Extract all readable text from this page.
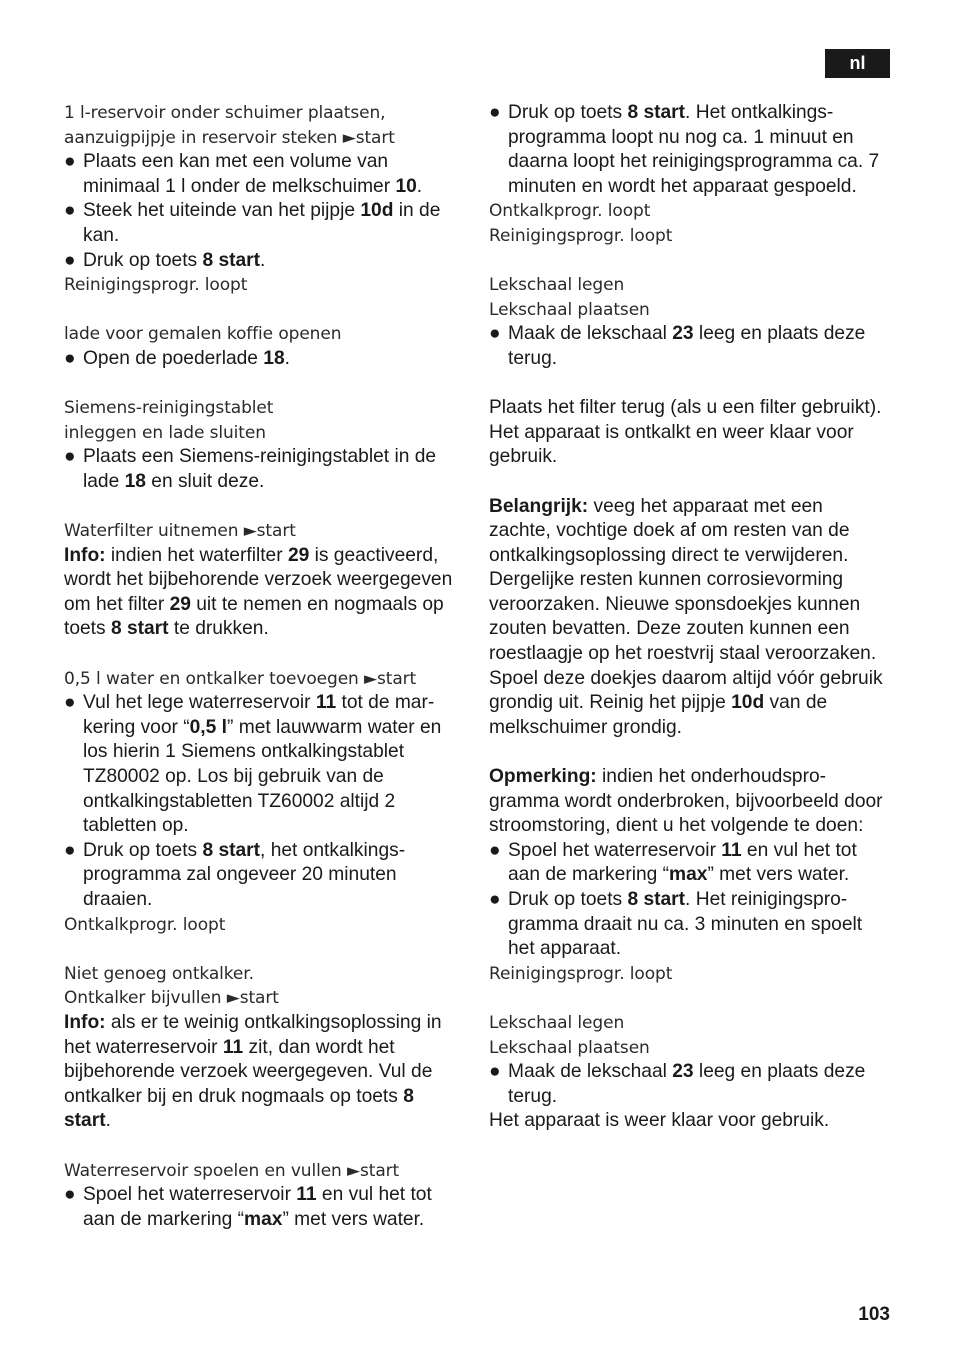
nl
1 l-reservoir onder schuimer plaatsen,
aanzuigpijpje in reservoir steken ►start
● Plaats een kan met een volume van minimaal 1 l onder de melkschuimer 10.
● Steek het uiteinde van het pijpje 10d in de kan.
● Druk op toets 8 start.
Reinigingsprogr. loopt
lade voor gemalen koffie openen
● Open de poederlade 18.
Siemens-reinigingstablet
inleggen en lade sluiten
● Plaats een Siemens-reinigingstablet in de lade 18 en sluit deze.
Waterfilter uitnemen ►start
Info: indien het waterfilter 29 is geactiveerd, wordt het bijbehorende verzoek weergegeven om het filter 29 uit te nemen en nogmaals op toets 8 start te drukken.
0,5 l water en ontkalker toevoegen ►start
● Vul het lege waterreservoir 11 tot de markering voor “0,5 l” met lauwwarm water en los hierin 1 Siemens ontkalkingstablet TZ80002 op. Los bij gebruik van de ontkalkingstabletten TZ60002 altijd 2 tabletten op.
● Druk op toets 8 start, het ontkalkingsprogramma zal ongeveer 20 minuten draaien.
Ontkalkprogr. loopt
Niet genoeg ontkalker.
Ontkalker bijvullen ►start
Info: als er te weinig ontkalkingsoplossing in het waterreservoir 11 zit, dan wordt het bijbehorende verzoek weergegeven. Vul de ontkalker bij en druk nogmaals op toets 8 start.
Waterreservoir spoelen en vullen ►start
● Spoel het waterreservoir 11 en vul het tot aan de markering “max” met vers water.
● Druk op toets 8 start. Het ontkalkingsprogramma loopt nu nog ca. 1 minuut en daarna loopt het reinigingsprogramma ca. 7 minuten en wordt het apparaat gespoeld.
Ontkalkprogr. loopt
Reinigingsprogr. loopt
Lekschaal legen
Lekschaal plaatsen
● Maak de lekschaal 23 leeg en plaats deze terug.
Plaats het filter terug (als u een filter gebruikt). Het apparaat is ontkalkt en weer klaar voor gebruik.
Belangrijk: veeg het apparaat met een zachte, vochtige doek af om resten van de ontkalkingsoplossing direct te verwijderen. Dergelijke resten kunnen corrosievorming veroorzaken. Nieuwe sponsdoekjes kunnen zouten bevatten. Deze zouten kunnen een roestlaagje op het roestvrij staal veroorzaken. Spoel deze doekjes daarom altijd vóór gebruik grondig uit. Reinig het pijpje 10d van de melkschuimer grondig.
Opmerking: indien het onderhoudsprogramma wordt onderbroken, bijvoorbeeld door stroomstoring, dient u het volgende te doen:
● Spoel het waterreservoir 11 en vul het tot aan de markering “max” met vers water.
● Druk op toets 8 start. Het reinigingsprogramma draait nu ca. 3 minuten en spoelt het apparaat.
Reinigingsprogr. loopt
Lekschaal legen
Lekschaal plaatsen
● Maak de lekschaal 23 leeg en plaats deze terug.
Het apparaat is weer klaar voor gebruik.
103
